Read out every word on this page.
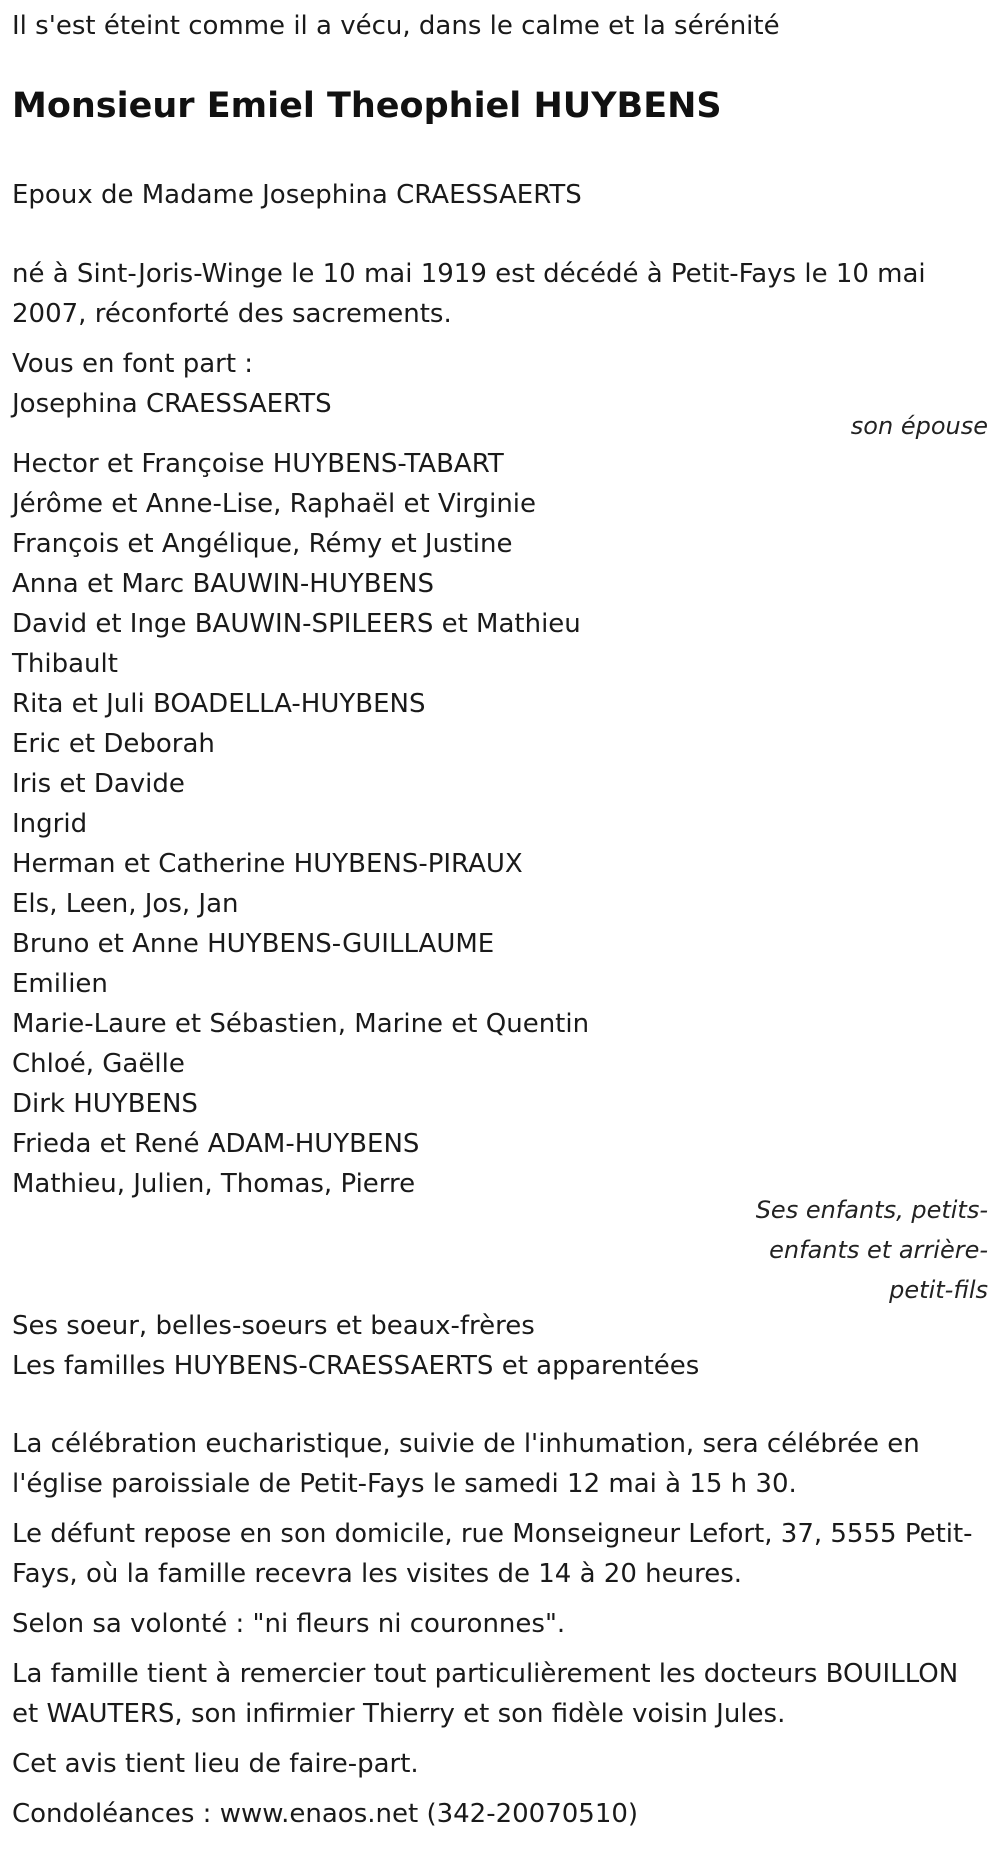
Il s'est éteint comme il a vécu, dans le calme et la sérénité
Monsieur Emiel Theophiel HUYBENS
Epoux de Madame Josephina CRAESSAERTS
né à Sint-Joris-Winge le 10 mai 1919 est décédé à Petit-Fays le 10 mai 2007, réconforté des sacrements.
Vous en font part :
Josephina CRAESSAERTS
son épouse
Hector et Françoise HUYBENS-TABART
Jérôme et Anne-Lise, Raphaël et Virginie
François et Angélique, Rémy et Justine
Anna et Marc BAUWIN-HUYBENS
David et Inge BAUWIN-SPILEERS et Mathieu
Thibault
Rita et Juli BOADELLA-HUYBENS
Eric et Deborah
Iris et Davide
Ingrid
Herman et Catherine HUYBENS-PIRAUX
Els, Leen, Jos, Jan
Bruno et Anne HUYBENS-GUILLAUME
Emilien
Marie-Laure et Sébastien, Marine et Quentin
Chloé, Gaëlle
Dirk HUYBENS
Frieda et René ADAM-HUYBENS
Mathieu, Julien, Thomas, Pierre
Ses enfants, petits-
enfants et arrière-
petit-fils
Ses soeur, belles-soeurs et beaux-frères
Les familles HUYBENS-CRAESSAERTS et apparentées

La célébration eucharistique, suivie de l'inhumation, sera célébrée en l'église paroissiale de Petit-Fays le samedi 12 mai à 15 h 30.

Le défunt repose en son domicile, rue Monseigneur Lefort, 37, 5555 Petit-Fays, où la famille recevra les visites de 14 à 20 heures.

Selon sa volonté : "ni fleurs ni couronnes".

La famille tient à remercier tout particulièrement les docteurs BOUILLON et WAUTERS, son infirmier Thierry et son fidèle voisin Jules.

Cet avis tient lieu de faire-part.

Condoléances : www.enaos.net (342-20070510)
